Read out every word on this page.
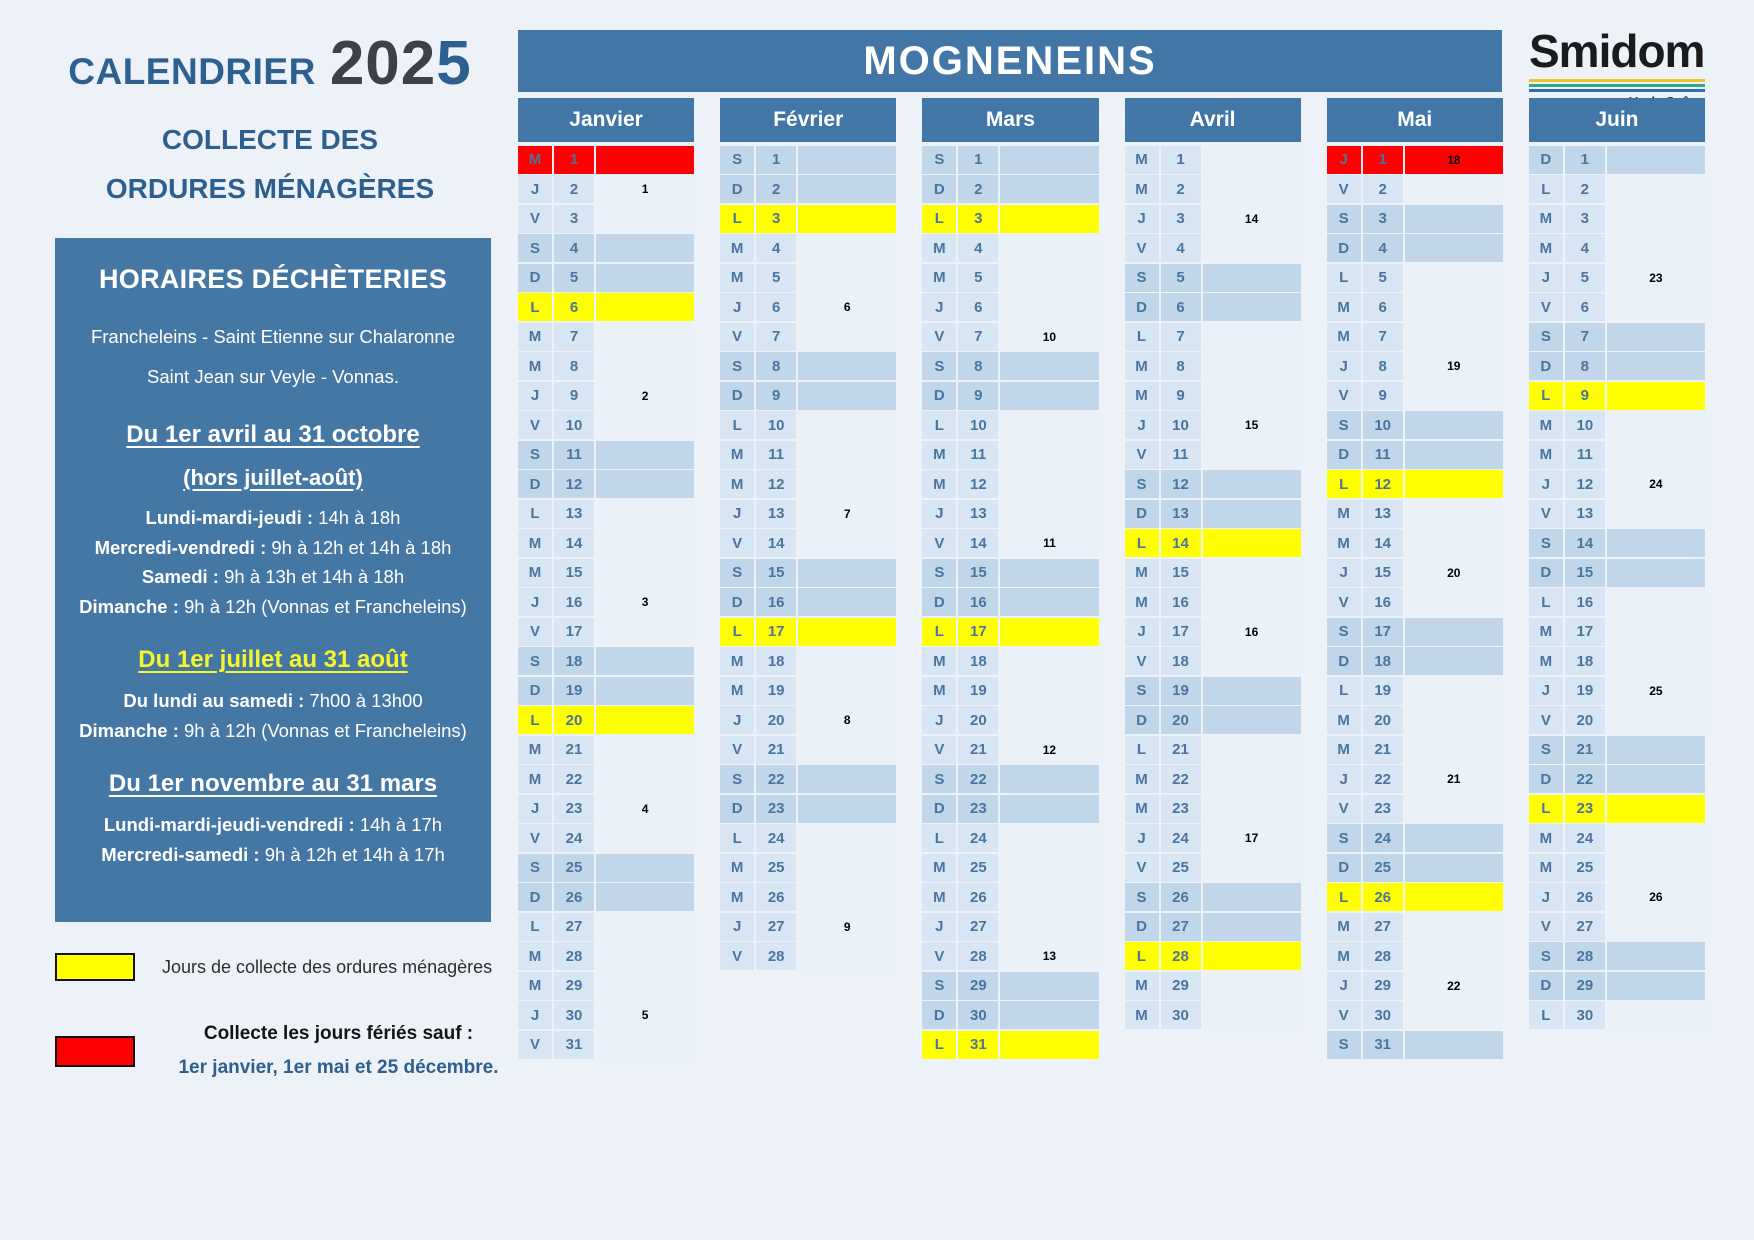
CALENDRIER 2025
COLLECTE DES
ORDURES MÉNAGÈRES
HORAIRES DÉCHÈTERIES
Francheleins - Saint Etienne sur Chalaronne
Saint Jean sur Veyle - Vonnas.
Du 1er avril au 31 octobre
(hors juillet-août)
Lundi-mardi-jeudi : 14h à 18h
Mercredi-vendredi : 9h à 12h et 14h à 18h
Samedi : 9h à 13h et 14h à 18h
Dimanche : 9h à 12h (Vonnas et Francheleins)
Du 1er juillet au 31 août
Du lundi au samedi : 7h00 à 13h00
Dimanche : 9h à 12h (Vonnas et Francheleins)
Du 1er novembre au 31 mars
Lundi-mardi-jeudi-vendredi : 14h à 17h
Mercredi-samedi : 9h à 12h et 14h à 17h
Jours de collecte des ordures ménagères
Collecte les jours fériés sauf :
1er janvier, 1er mai et 25 décembre.
MOGNENEINS	Smidom
Janvier
M	1
J	2	1
V	3
S	4
D	5
L	6
M	7
M	8
J	9	2
V	10
S	11
D	12
L	13
M	14
M	15
J	16	3
V	17
S	18
D	19
L	20
M	21
M	22
J	23	4
V	24
S	25
D	26
L	27
M	28
M	29
J	30	5
V	31
Février
S	1
D	2
L	3
M	4
M	5
J	6	6
V	7
S	8
D	9
L	10
M	11
M	12
J	13	7
V	14
S	15
D	16
L	17
M	18
M	19
J	20	8
V	21
S	22
D	23
L	24
M	25
M	26
J	27	9
V	28
Mars
S	1
D	2
L	3
M	4
M	5
J	6
V	7	10
S	8
D	9
L	10
M	11
M	12
J	13
V	14	11
S	15
D	16
L	17
M	18
M	19
J	20
V	21	12
S	22
D	23
L	24
M	25
M	26
J	27
V	28	13
S	29
D	30
L	31
Avril
M	1
M	2
J	3	14
V	4
S	5
D	6
L	7
M	8
M	9
J	10	15
V	11
S	12
D	13
L	14
M	15
M	16
J	17	16
V	18
S	19
D	20
L	21
M	22
M	23
J	24	17
V	25
S	26
D	27
L	28
M	29
M	30
Mai
J	1	18
V	2
S	3
D	4
L	5
M	6
M	7
J	8	19
V	9
S	10
D	11
L	12
M	13
M	14
J	15	20
V	16
S	17
D	18
L	19
M	20
M	21
J	22	21
V	23
S	24
D	25
L	26
M	27
M	28
J	29	22
V	30
S	31
Juin
D	1
L	2
M	3
M	4
J	5	23
V	6
S	7
D	8
L	9
M	10
M	11
J	12	24
V	13
S	14
D	15
L	16
M	17
M	18
J	19	25
V	20
S	21
D	22
L	23
M	24
M	25
J	26	26
V	27
S	28
D	29
L	30
